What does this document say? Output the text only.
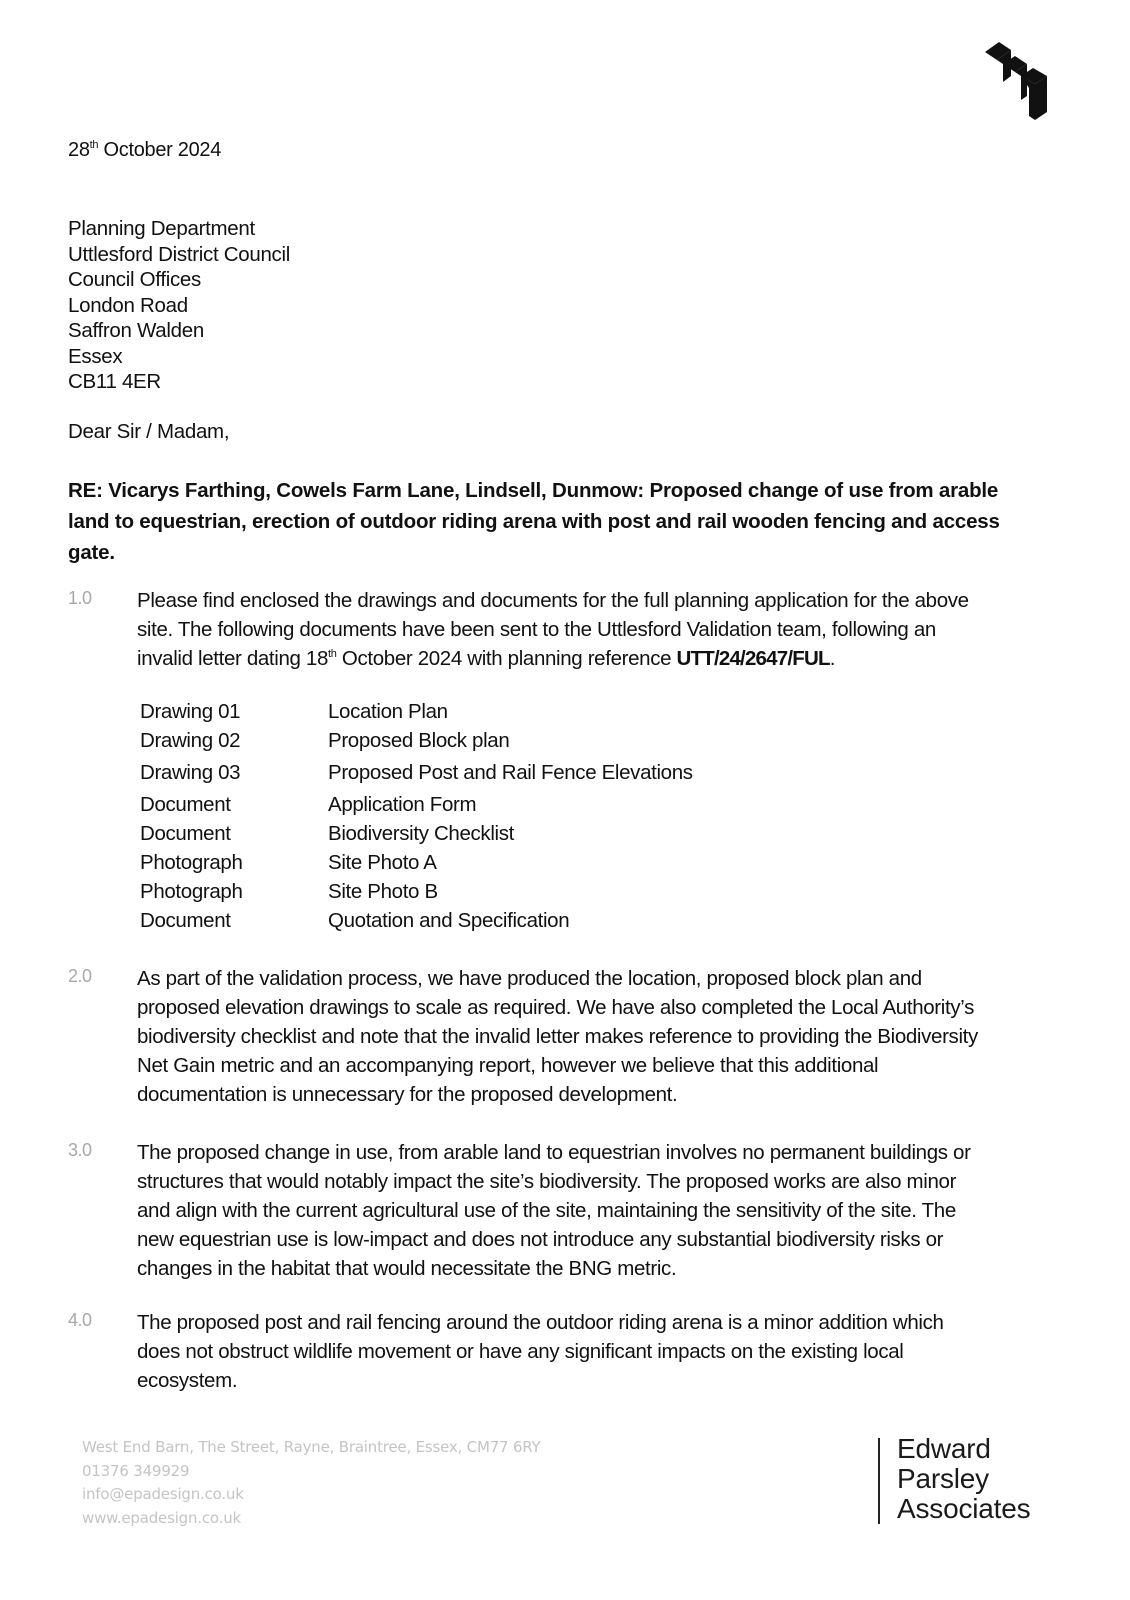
28th October 2024
Planning Department
Uttlesford District Council
Council Offices
London Road
Saffron Walden
Essex
CB11 4ER
Dear Sir / Madam,
RE: Vicarys Farthing, Cowels Farm Lane, Lindsell, Dunmow: Proposed change of use from arable
land to equestrian, erection of outdoor riding arena with post and rail wooden fencing and access
gate.
1.0 Please find enclosed the drawings and documents for the full planning application for the above
site. The following documents have been sent to the Uttlesford Validation team, following an
invalid letter dating 18th October 2024 with planning reference UTT/24/2647/FUL.
Drawing 01	Location Plan
Drawing 02	Proposed Block plan
Drawing 03	Proposed Post and Rail Fence Elevations
Document	Application Form
Document	Biodiversity Checklist
Photograph	Site Photo A
Photograph	Site Photo B
Document	Quotation and Specification
2.0 As part of the validation process, we have produced the location, proposed block plan and
proposed elevation drawings to scale as required. We have also completed the Local Authority’s
biodiversity checklist and note that the invalid letter makes reference to providing the Biodiversity
Net Gain metric and an accompanying report, however we believe that this additional
documentation is unnecessary for the proposed development.
3.0 The proposed change in use, from arable land to equestrian involves no permanent buildings or
structures that would notably impact the site’s biodiversity. The proposed works are also minor
and align with the current agricultural use of the site, maintaining the sensitivity of the site. The
new equestrian use is low-impact and does not introduce any substantial biodiversity risks or
changes in the habitat that would necessitate the BNG metric.
4.0 The proposed post and rail fencing around the outdoor riding arena is a minor addition which
does not obstruct wildlife movement or have any significant impacts on the existing local
ecosystem.
West End Barn, The Street, Rayne, Braintree, Essex, CM77 6RY
01376 349929
info@epadesign.co.uk
www.epadesign.co.uk
Edward
Parsley
Associates
